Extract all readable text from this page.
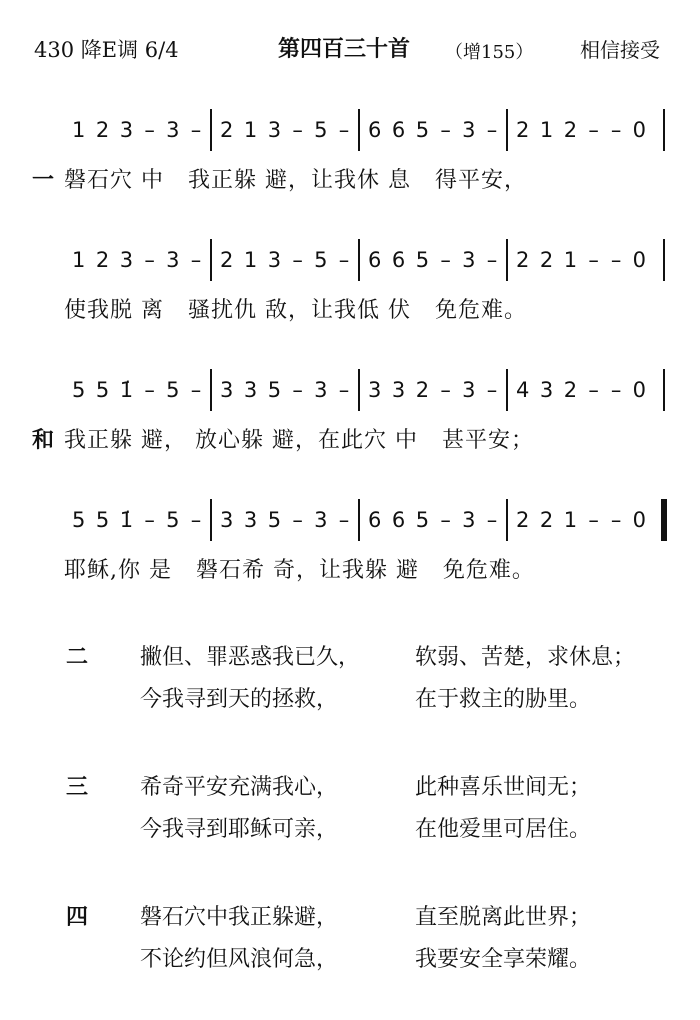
430 降E调 6/4	第四百三十首 （增155） 相信接受
1 2 3 – 3 – 2 1 3 – 5 – 6 6 5 – 3 – 2 1 2 – – 0
一 磐石穴 中   我正躲 避，让我休 息   得平安，
1 2 3 – 3 – 2 1 3 – 5 – 6 6 5 – 3 – 2 2 1 – – 0
使我脱 离   骚扰仇 敌，让我低 伏   免危难。
5 5 1̇ – 5 – 3 3 5 – 3 – 3 3 2 – 3 – 4 3 2 – – 0
和 我正躲 避， 放心躲 避，在此穴 中   甚平安；
5 5 1̇ – 5 – 3 3 5 – 3 – 6 6 5 – 3 – 2 2 1 – – 0
耶稣,你 是   磐石希 奇，让我躲 避   免危难。
二 撇但、罪恶惑我已久， 软弱、苦楚，求休息；
今我寻到天的拯救，	在于救主的胁里。
三 希奇平安充满我心，	此种喜乐世间无；
今我寻到耶稣可亲，	在他爱里可居住。
四 磐石穴中我正躲避，	直至脱离此世界；
不论约但风浪何急，	我要安全享荣耀。
